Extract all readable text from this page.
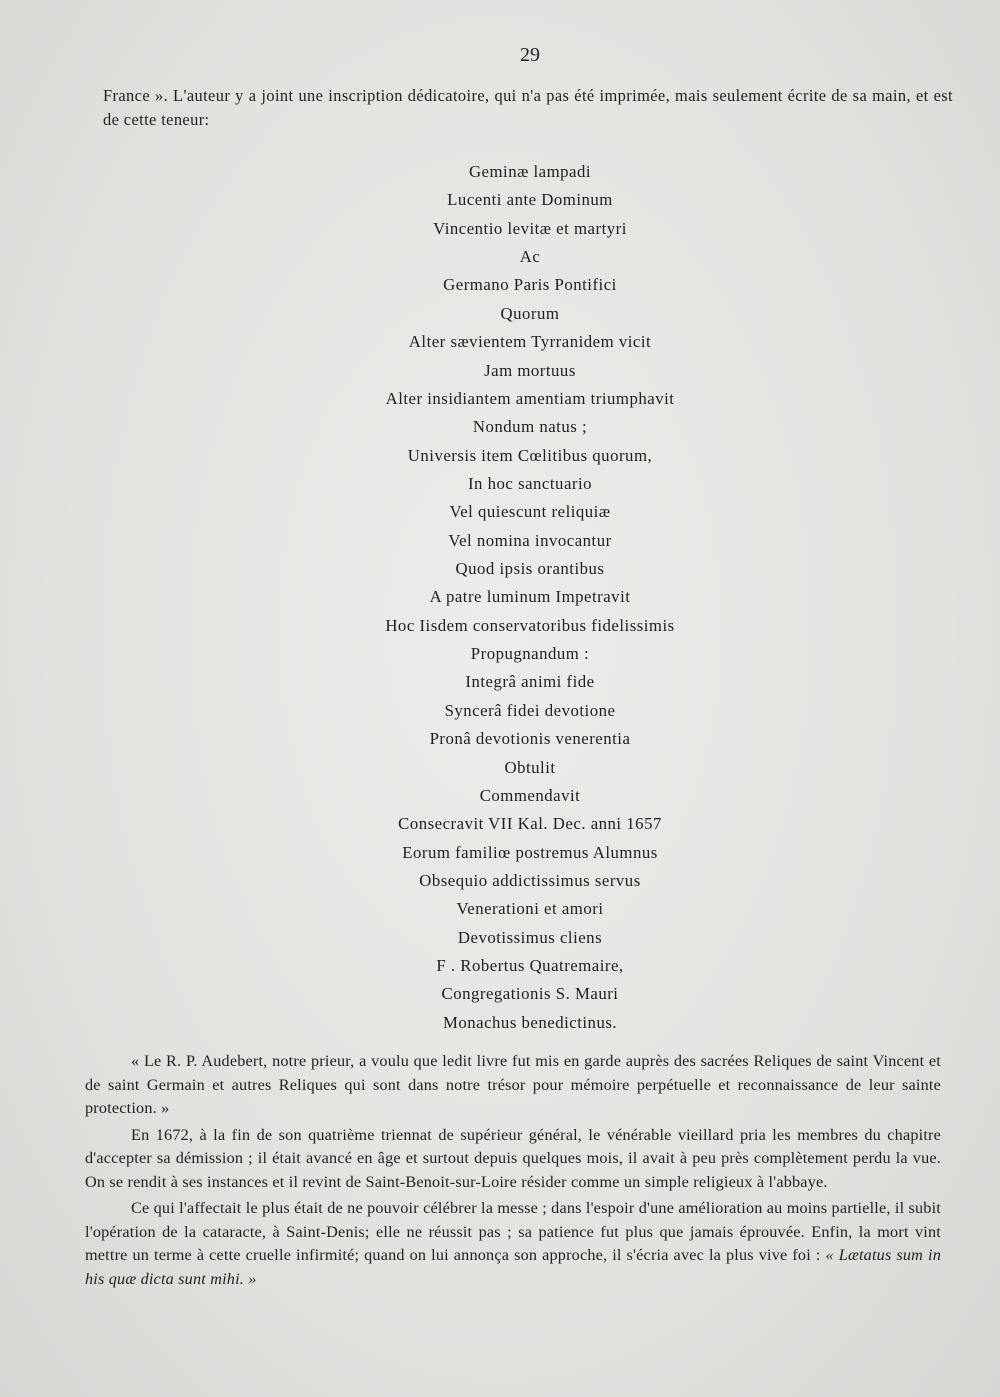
29

France ». L'auteur y a joint une inscription dédicatoire, qui n'a pas été imprimée, mais seulement écrite de sa main, et est de cette teneur:

Geminæ lampadi
Lucenti ante Dominum
Vincentio levitæ et martyri
Ac
Germano Paris Pontifici
Quorum
Alter sævientem Tyrranidem vicit
Jam mortuus
Alter insidiantem amentiam triumphavit
Nondum natus ;
Universis item Cœlitibus quorum,
In hoc sanctuario
Vel quiescunt reliquiæ
Vel nomina invocantur
Quod ipsis orantibus
A patre luminum Impetravit
Hoc Iisdem conservatoribus fidelissimis
Propugnandum :
Integrâ animi fide
Syncerâ fidei devotione
Pronâ devotionis venerentia
Obtulit
Commendavit
Consecravit VII Kal. Dec. anni 1657
Eorum familiœ postremus Alumnus
Obsequio addictissimus servus
Venerationi et amori
Devotissimus cliens
F . Robertus Quatremaire,
Congregationis S. Mauri
Monachus benedictinus.

« Le R. P. Audebert, notre prieur, a voulu que ledit livre fut mis en garde auprès des sacrées Reliques de saint Vincent et de saint Germain et autres Reliques qui sont dans notre trésor pour mémoire perpétuelle et reconnaissance de leur sainte protection. »

En 1672, à la fin de son quatrième triennat de supérieur général, le vénérable vieillard pria les membres du chapitre d'accepter sa démission ; il était avancé en âge et surtout depuis quelques mois, il avait à peu près complètement perdu la vue. On se rendit à ses instances et il revint de Saint-Benoit-sur-Loire résider comme un simple religieux à l'abbaye.

Ce qui l'affectait le plus était de ne pouvoir célébrer la messe ; dans l'espoir d'une amélioration au moins partielle, il subit l'opération de la cataracte, à Saint-Denis; elle ne réussit pas ; sa patience fut plus que jamais éprouvée. Enfin, la mort vint mettre un terme à cette cruelle infirmité; quand on lui annonça son approche, il s'écria avec la plus vive foi : « Lætatus sum in his quæ dicta sunt mihi. »
